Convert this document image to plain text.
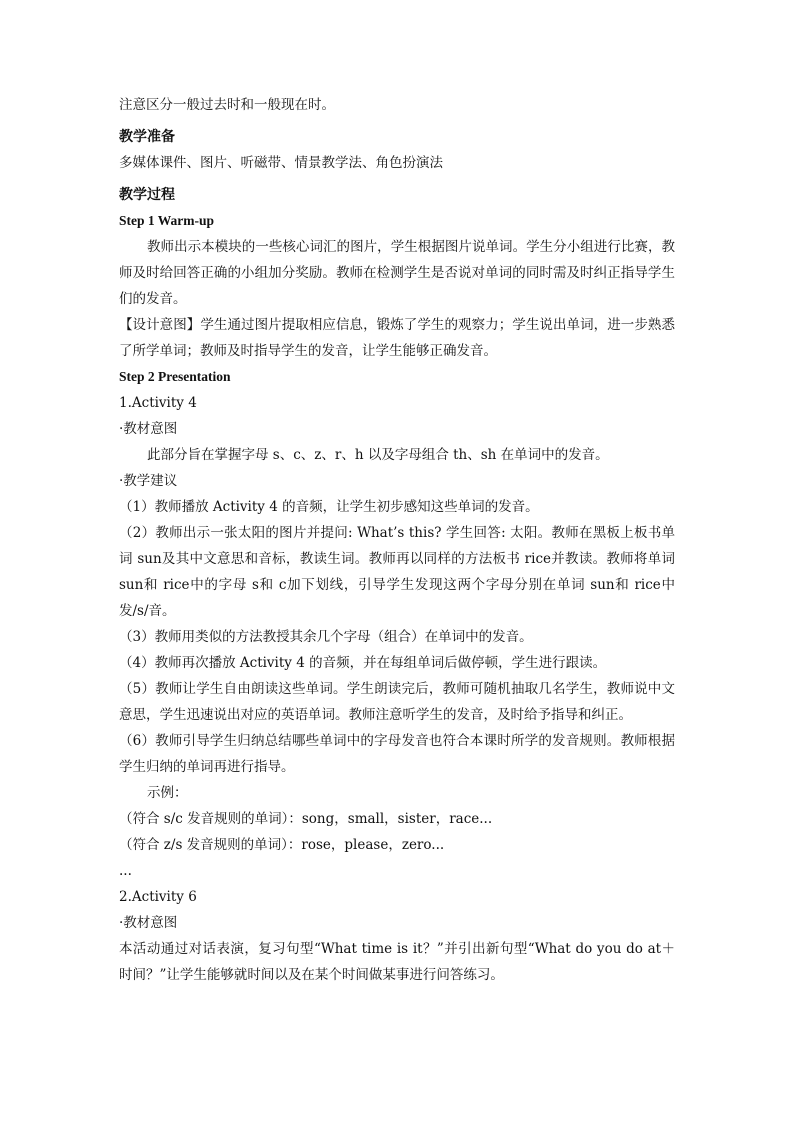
注意区分一般过去时和一般现在时。
教学准备
多媒体课件、图片、听磁带、情景教学法、角色扮演法
教学过程
Step 1 Warm-up
教师出示本模块的一些核心词汇的图片，学生根据图片说单词。学生分小组进行比赛，教师及时给回答正确的小组加分奖励。教师在检测学生是否说对单词的同时需及时纠正指导学生们的发音。
【设计意图】学生通过图片提取相应信息，锻炼了学生的观察力；学生说出单词，进一步熟悉了所学单词；教师及时指导学生的发音，让学生能够正确发音。
Step 2 Presentation
1.Activity 4
·教材意图
此部分旨在掌握字母 s、c、z、r、h 以及字母组合 th、sh 在单词中的发音。
·教学建议
（1）教师播放 Activity 4 的音频，让学生初步感知这些单词的发音。
（2）教师出示一张太阳的图片并提问: What’s this? 学生回答: 太阳。教师在黑板上板书单词 sun及其中文意思和音标，教读生词。教师再以同样的方法板书 rice并教读。教师将单词 sun和 rice中的字母 s和 c加下划线，引导学生发现这两个字母分别在单词 sun和 rice中发/s/音。
（3）教师用类似的方法教授其余几个字母（组合）在单词中的发音。
（4）教师再次播放 Activity 4 的音频，并在每组单词后做停顿，学生进行跟读。
（5）教师让学生自由朗读这些单词。学生朗读完后，教师可随机抽取几名学生，教师说中文意思，学生迅速说出对应的英语单词。教师注意听学生的发音，及时给予指导和纠正。
（6）教师引导学生归纳总结哪些单词中的字母发音也符合本课时所学的发音规则。教师根据学生归纳的单词再进行指导。
示例：
（符合 s/c 发音规则的单词）：song，small，sister，race...
（符合 z/s 发音规则的单词）：rose，please，zero...
...
2.Activity 6
·教材意图
本活动通过对话表演，复习句型“What time is it？”并引出新句型“What do you do at＋时间？”让学生能够就时间以及在某个时间做某事进行问答练习。
